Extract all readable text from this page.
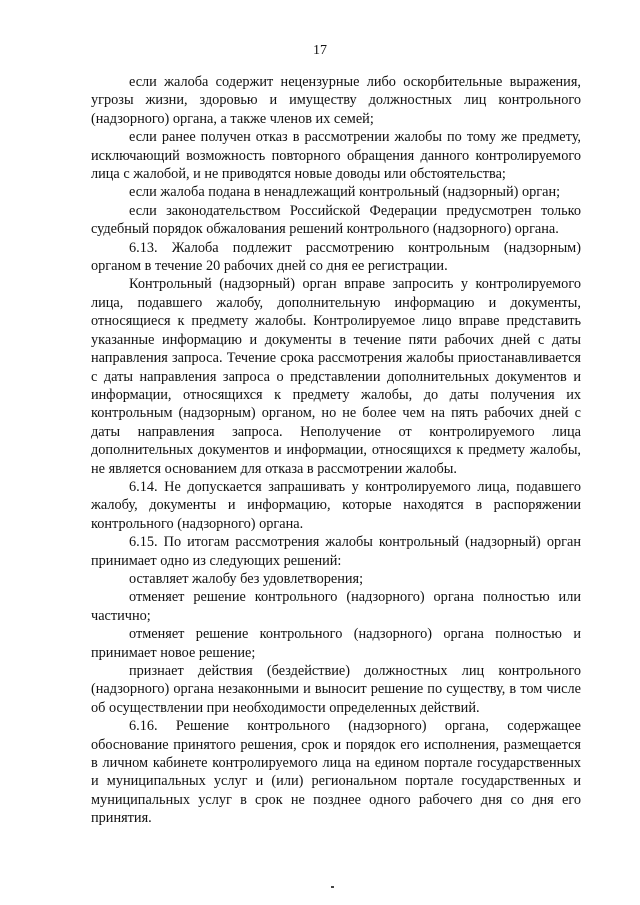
17

если жалоба содержит нецензурные либо оскорбительные выражения, угрозы жизни, здоровью и имуществу должностных лиц контрольного (надзорного) органа, а также членов их семей;

если ранее получен отказ в рассмотрении жалобы по тому же предмету, исключающий возможность повторного обращения данного контролируемого лица с жалобой, и не приводятся новые доводы или обстоятельства;

если жалоба подана в ненадлежащий контрольный (надзорный) орган;

если законодательством Российской Федерации предусмотрен только судебный порядок обжалования решений контрольного (надзорного) органа.

6.13. Жалоба подлежит рассмотрению контрольным (надзорным) органом в течение 20 рабочих дней со дня ее регистрации.

Контрольный (надзорный) орган вправе запросить у контролируемого лица, подавшего жалобу, дополнительную информацию и документы, относящиеся к предмету жалобы. Контролируемое лицо вправе представить указанные информацию и документы в течение пяти рабочих дней с даты направления запроса. Течение срока рассмотрения жалобы приостанавливается с даты направления запроса о представлении дополнительных документов и информации, относящихся к предмету жалобы, до даты получения их контрольным (надзорным) органом, но не более чем на пять рабочих дней с даты направления запроса. Неполучение от контролируемого лица дополнительных документов и информации, относящихся к предмету жалобы, не является основанием для отказа в рассмотрении жалобы.

6.14. Не допускается запрашивать у контролируемого лица, подавшего жалобу, документы и информацию, которые находятся в распоряжении контрольного (надзорного) органа.

6.15. По итогам рассмотрения жалобы контрольный (надзорный) орган принимает одно из следующих решений:

оставляет жалобу без удовлетворения;

отменяет решение контрольного (надзорного) органа полностью или частично;

отменяет решение контрольного (надзорного) органа полностью и принимает новое решение;

признает действия (бездействие) должностных лиц контрольного (надзорного) органа незаконными и выносит решение по существу, в том числе об осуществлении при необходимости определенных действий.

6.16. Решение контрольного (надзорного) органа, содержащее обоснование принятого решения, срок и порядок его исполнения, размещается в личном кабинете контролируемого лица на едином портале государственных и муниципальных услуг и (или) региональном портале государственных и муниципальных услуг в срок не позднее одного рабочего дня со дня его принятия.
